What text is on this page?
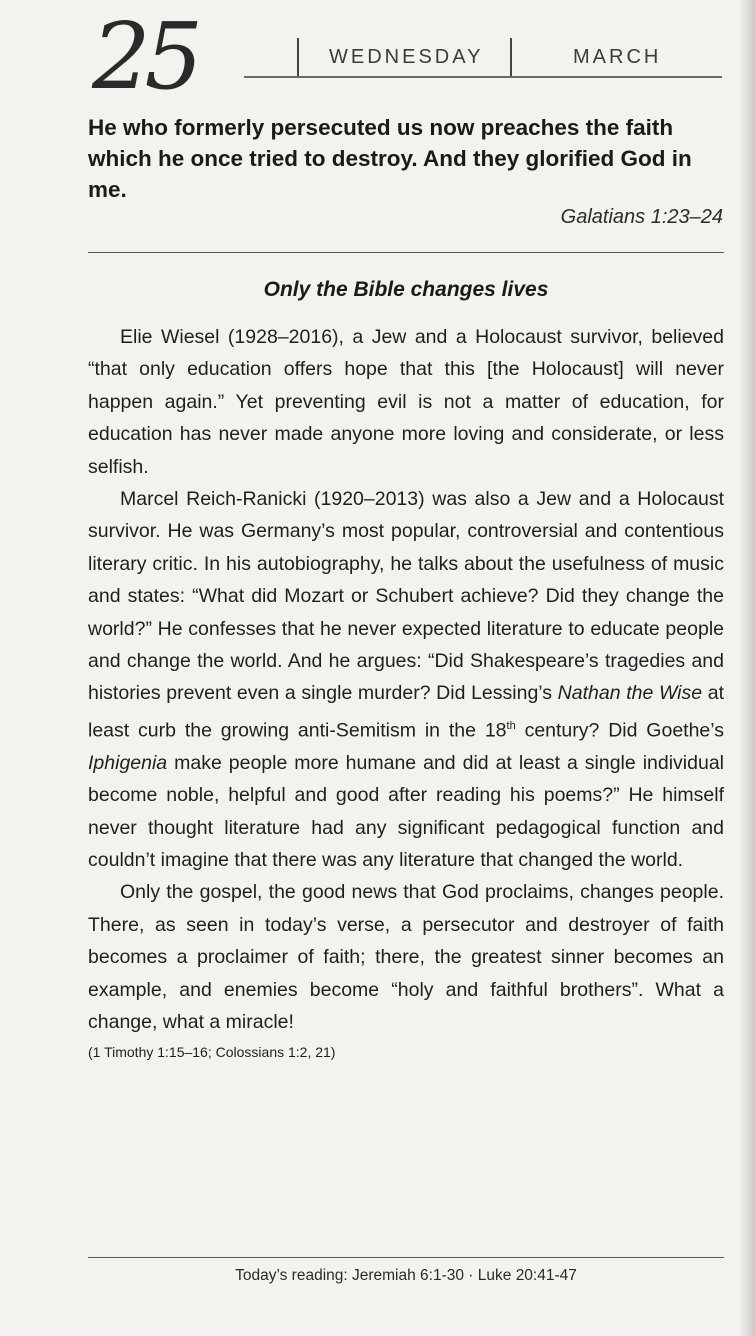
25	WEDNESDAY	MARCH
He who formerly persecuted us now preaches the faith which he once tried to destroy. And they glorified God in me.
Galatians 1:23–24
Only the Bible changes lives

Elie Wiesel (1928–2016), a Jew and a Holocaust survivor, believed “that only education offers hope that this [the Holocaust] will never happen again.” Yet preventing evil is not a matter of education, for education has never made anyone more loving and considerate, or less selfish.

Marcel Reich-Ranicki (1920–2013) was also a Jew and a Holocaust survivor. He was Germany’s most popular, controversial and contentious literary critic. In his autobiography, he talks about the usefulness of music and states: “What did Mozart or Schubert achieve? Did they change the world?” He confesses that he never expected literature to educate people and change the world. And he argues: “Did Shakespeare’s tragedies and histories prevent even a single murder? Did Lessing’s Nathan the Wise at least curb the growing anti-Semitism in the 18th century? Did Goethe’s Iphigenia make people more humane and did at least a single individual become noble, helpful and good after reading his poems?” He himself never thought literature had any significant pedagogical function and couldn’t imagine that there was any literature that changed the world.

Only the gospel, the good news that God proclaims, changes people. There, as seen in today’s verse, a persecutor and destroyer of faith becomes a proclaimer of faith; there, the greatest sinner becomes an example, and enemies become “holy and faithful brothers”. What a change, what a miracle!

(1 Timothy 1:15–16; Colossians 1:2, 21)

Today’s reading: Jeremiah 6:1-30 · Luke 20:41-47
